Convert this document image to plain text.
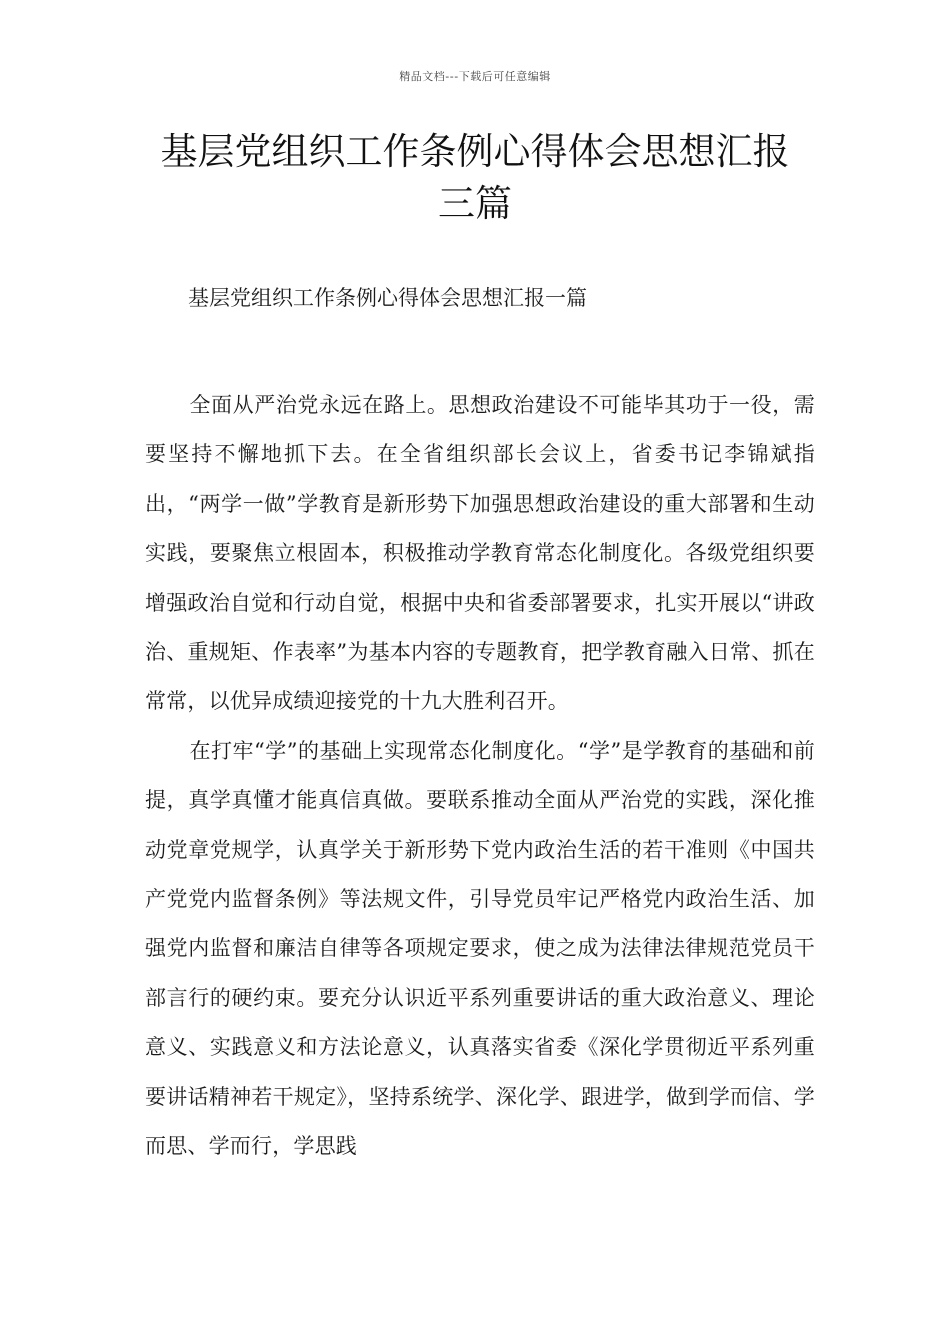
精品文档---下载后可任意编辑
基层党组织工作条例心得体会思想汇报
三篇

基层党组织工作条例心得体会思想汇报一篇

全面从严治党永远在路上。思想政治建设不可能毕其功于一役，需要坚持不懈地抓下去。在全省组织部长会议上，省委书记李锦斌指出，“两学一做”学教育是新形势下加强思想政治建设的重大部署和生动实践，要聚焦立根固本，积极推动学教育常态化制度化。各级党组织要增强政治自觉和行动自觉，根据中央和省委部署要求，扎实开展以“讲政治、重规矩、作表率”为基本内容的专题教育，把学教育融入日常、抓在常常，以优异成绩迎接党的十九大胜利召开。

在打牢“学”的基础上实现常态化制度化。“学”是学教育的基础和前提，真学真懂才能真信真做。要联系推动全面从严治党的实践，深化推动党章党规学，认真学关于新形势下党内政治生活的若干准则《中国共产党党内监督条例》等法规文件，引导党员牢记严格党内政治生活、加强党内监督和廉洁自律等各项规定要求，使之成为法律法律规范党员干部言行的硬约束。要充分认识近平系列重要讲话的重大政治意义、理论意义、实践意义和方法论意义，认真落实省委《深化学贯彻近平系列重要讲话精神若干规定》，坚持系统学、深化学、跟进学，做到学而信、学而思、学而行，学思践
